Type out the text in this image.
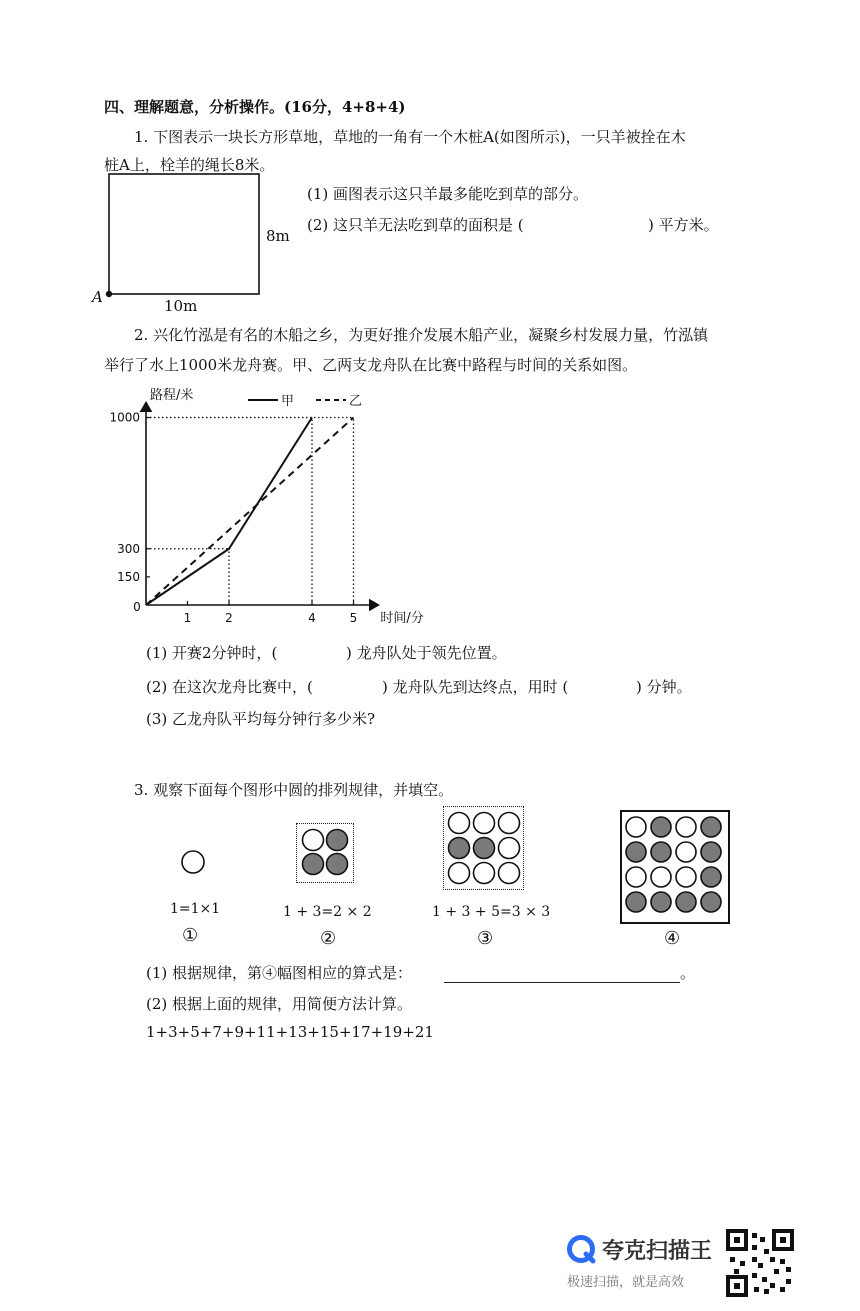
四、理解题意，分析操作。(16分，4+8+4)
1. 下图表示一块长方形草地，草地的一角有一个木桩A(如图所示)，一只羊被拴在木
桩A上，栓羊的绳长8米。
8m
10m
A
(1) 画图表示这只羊最多能吃到草的部分。
(2) 这只羊无法吃到草的面积是 (	) 平方米。
2. 兴化竹泓是有名的木船之乡，为更好推介发展木船产业，凝聚乡村发展力量，竹泓镇
举行了水上1000米龙舟赛。甲、乙两支龙舟队在比赛中路程与时间的关系如图。
0
1	2	4	5
150
300
1000
时间/分
路程/米	甲	乙
(1) 开赛2分钟时，(	) 龙舟队处于领先位置。
(2) 在这次龙舟比赛中，(	) 龙舟队先到达终点，用时 (	) 分钟。
(3) 乙龙舟队平均每分钟行多少米?
3. 观察下面每个图形中圆的排列规律，并填空。
1=1×1
①
1 + 3=2 × 2
②
1 + 3 + 5=3 × 3
③	④
(1) 根据规律，第④幅图相应的算式是：	。
(2) 根据上面的规律，用简便方法计算。
1+3+5+7+9+11+13+15+17+19+21
夸克扫描王
极速扫描，就是高效
